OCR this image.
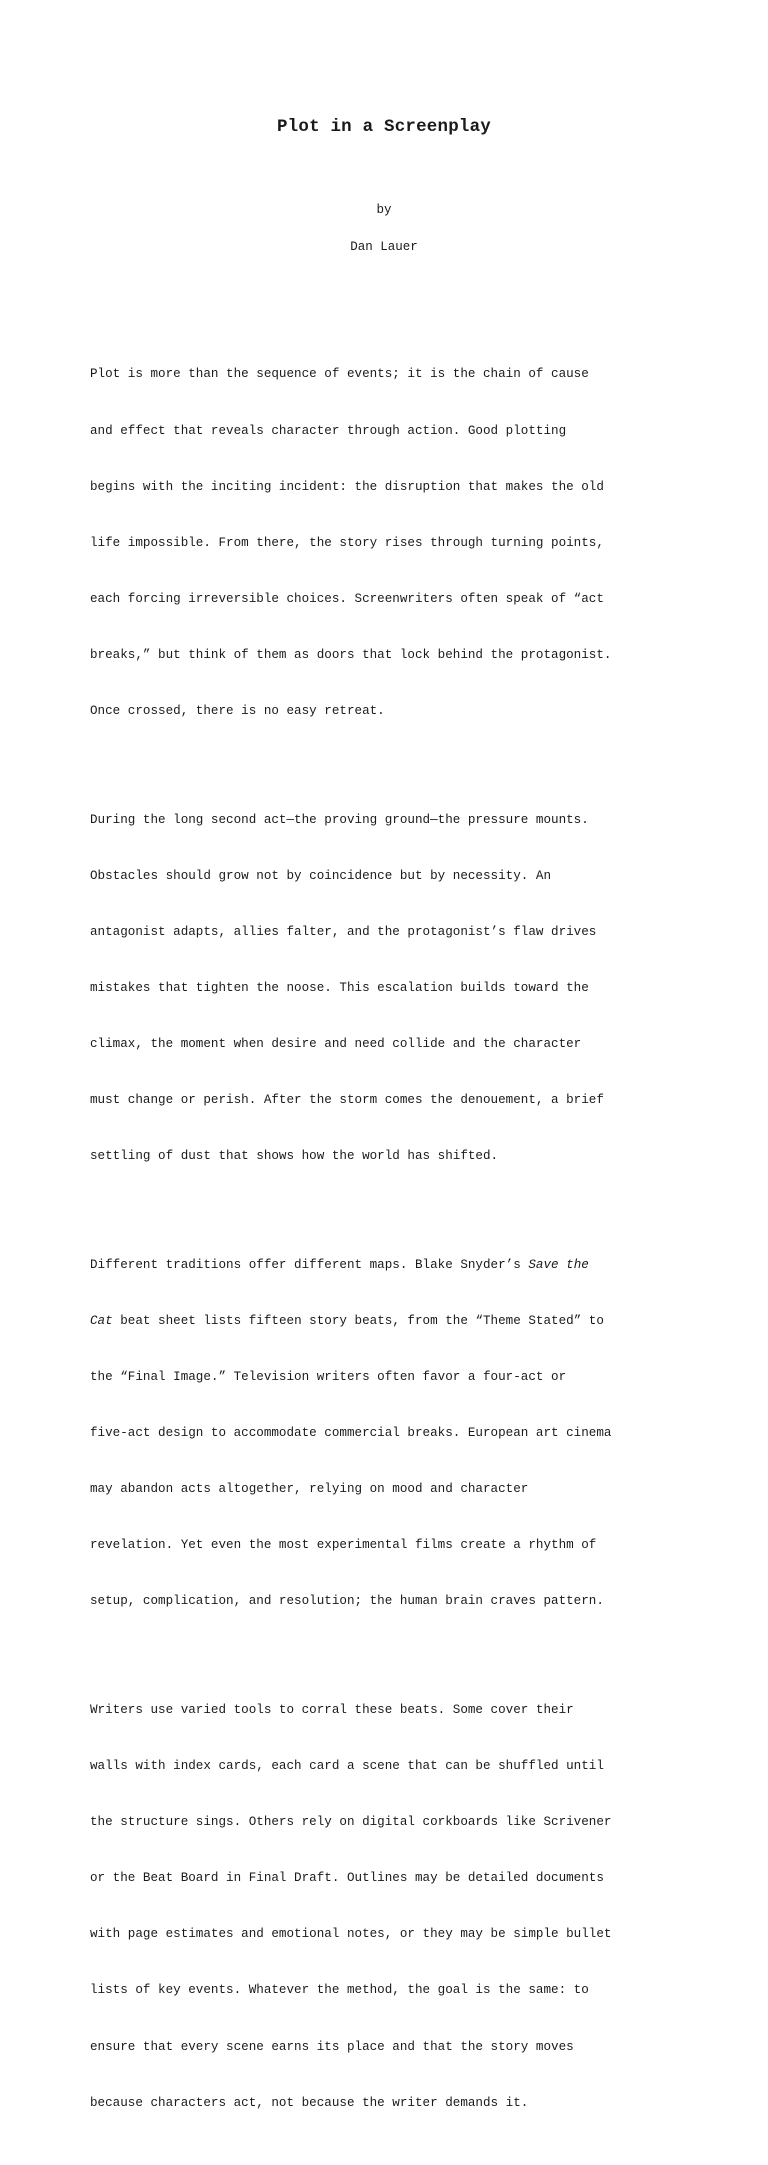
Plot in a Screenplay
by
Dan Lauer

Plot is more than the sequence of events; it is the chain of cause

and effect that reveals character through action. Good plotting

begins with the inciting incident: the disruption that makes the old

life impossible. From there, the story rises through turning points,

each forcing irreversible choices. Screenwriters often speak of “act

breaks,” but think of them as doors that lock behind the protagonist.

Once crossed, there is no easy retreat.

During the long second act—the proving ground—the pressure mounts.

Obstacles should grow not by coincidence but by necessity. An

antagonist adapts, allies falter, and the protagonist’s flaw drives

mistakes that tighten the noose. This escalation builds toward the

climax, the moment when desire and need collide and the character

must change or perish. After the storm comes the denouement, a brief

settling of dust that shows how the world has shifted.

Different traditions offer different maps. Blake Snyder’s Save the

Cat beat sheet lists fifteen story beats, from the “Theme Stated” to

the “Final Image.” Television writers often favor a four-act or

five-act design to accommodate commercial breaks. European art cinema

may abandon acts altogether, relying on mood and character

revelation. Yet even the most experimental films create a rhythm of

setup, complication, and resolution; the human brain craves pattern.

Writers use varied tools to corral these beats. Some cover their

walls with index cards, each card a scene that can be shuffled until

the structure sings. Others rely on digital corkboards like Scrivener

or the Beat Board in Final Draft. Outlines may be detailed documents

with page estimates and emotional notes, or they may be simple bullet

lists of key events. Whatever the method, the goal is the same: to

ensure that every scene earns its place and that the story moves

because characters act, not because the writer demands it.
